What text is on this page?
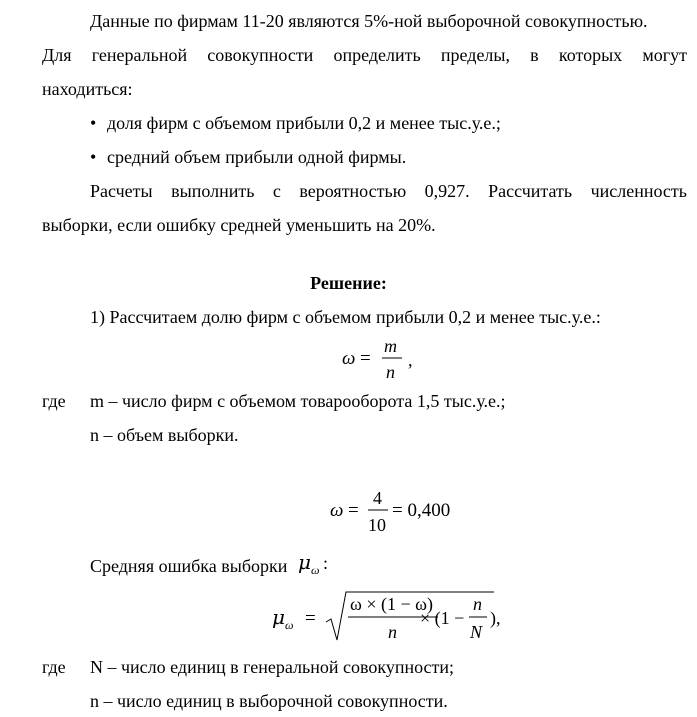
Данные по фирмам 11-20 являются 5%-ной выборочной совокупностью.
Для генеральной совокупности определить пределы, в которых могут
находиться:
• доля фирм с объемом прибыли 0,2 и менее тыс.у.е.;
• средний объем прибыли одной фирмы.
Расчеты выполнить с вероятностью 0,927. Рассчитать численность
выборки, если ошибку средней уменьшить на 20%.
Решение:
1) Рассчитаем долю фирм с объемом прибыли 0,2 и менее тыс.у.е.:
ω =
m
n
,
где m – число фирм с объемом товарооборота 1,5 тыс.у.е.;
n – объем выборки.
ω =
4
10
= 0,400
Средняя ошибка выборки μ ω :
μ ω =
ω × (1 − ω)
n
× (1 −
n
N
),
где N – число единиц в генеральной совокупности;
n – число единиц в выборочной совокупности.
